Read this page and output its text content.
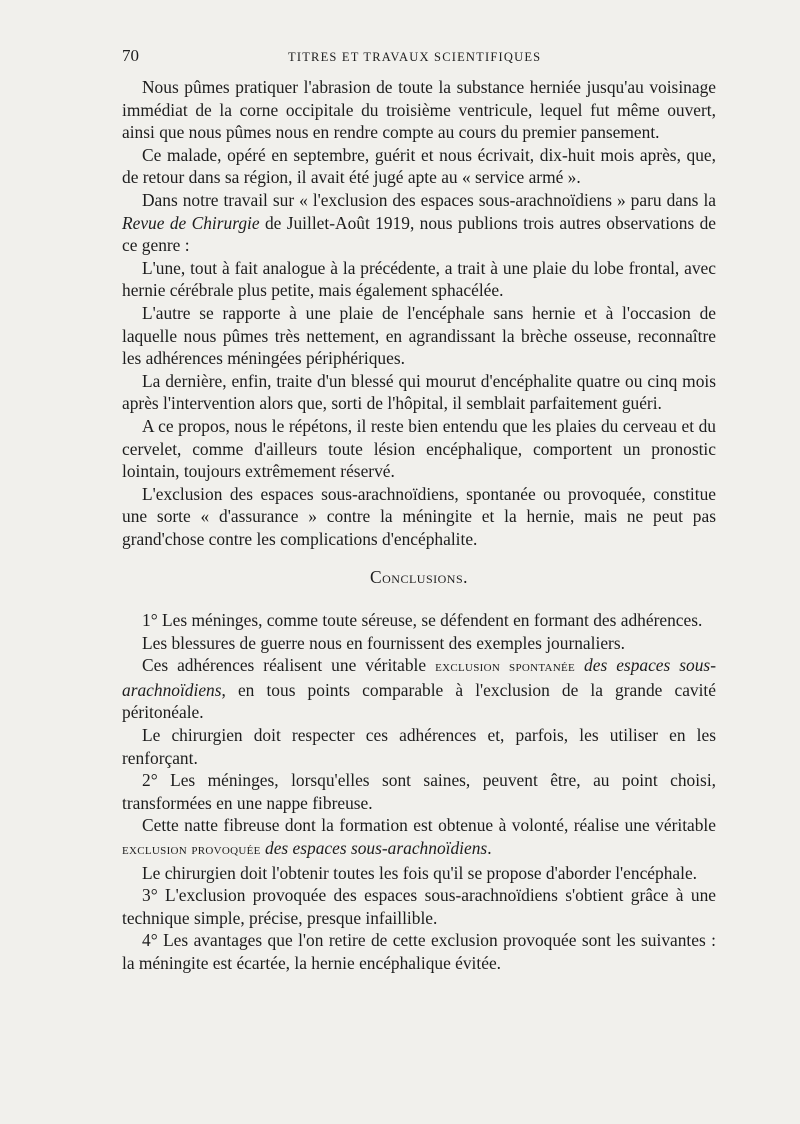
70	TITRES ET TRAVAUX SCIENTIFIQUES

Nous pûmes pratiquer l'abrasion de toute la substance herniée jusqu'au voisinage immédiat de la corne occipitale du troisième ventricule, lequel fut même ouvert, ainsi que nous pûmes nous en rendre compte au cours du premier pansement.

Ce malade, opéré en septembre, guérit et nous écrivait, dix-huit mois après, que, de retour dans sa région, il avait été jugé apte au « service armé ».

Dans notre travail sur « l'exclusion des espaces sous-arachnoïdiens » paru dans la Revue de Chirurgie de Juillet-Août 1919, nous publions trois autres observations de ce genre :

L'une, tout à fait analogue à la précédente, a trait à une plaie du lobe frontal, avec hernie cérébrale plus petite, mais également sphacélée.

L'autre se rapporte à une plaie de l'encéphale sans hernie et à l'occasion de laquelle nous pûmes très nettement, en agrandissant la brèche osseuse, reconnaître les adhérences méningées périphériques.

La dernière, enfin, traite d'un blessé qui mourut d'encéphalite quatre ou cinq mois après l'intervention alors que, sorti de l'hôpital, il semblait parfaitement guéri.

A ce propos, nous le répétons, il reste bien entendu que les plaies du cerveau et du cervelet, comme d'ailleurs toute lésion encéphalique, comportent un pronostic lointain, toujours extrêmement réservé.

L'exclusion des espaces sous-arachnoïdiens, spontanée ou provoquée, constitue une sorte « d'assurance » contre la méningite et la hernie, mais ne peut pas grand'chose contre les complications d'encéphalite.

Conclusions.

1° Les méninges, comme toute séreuse, se défendent en formant des adhérences.

Les blessures de guerre nous en fournissent des exemples journaliers.

Ces adhérences réalisent une véritable exclusion spontanée des espaces sous-arachnoïdiens, en tous points comparable à l'exclusion de la grande cavité péritonéale.

Le chirurgien doit respecter ces adhérences et, parfois, les utiliser en les renforçant.

2° Les méninges, lorsqu'elles sont saines, peuvent être, au point choisi, transformées en une nappe fibreuse.

Cette natte fibreuse dont la formation est obtenue à volonté, réalise une véritable exclusion provoquée des espaces sous-arachnoïdiens.

Le chirurgien doit l'obtenir toutes les fois qu'il se propose d'aborder l'encéphale.

3° L'exclusion provoquée des espaces sous-arachnoïdiens s'obtient grâce à une technique simple, précise, presque infaillible.

4° Les avantages que l'on retire de cette exclusion provoquée sont les suivantes : la méningite est écartée, la hernie encéphalique évitée.
